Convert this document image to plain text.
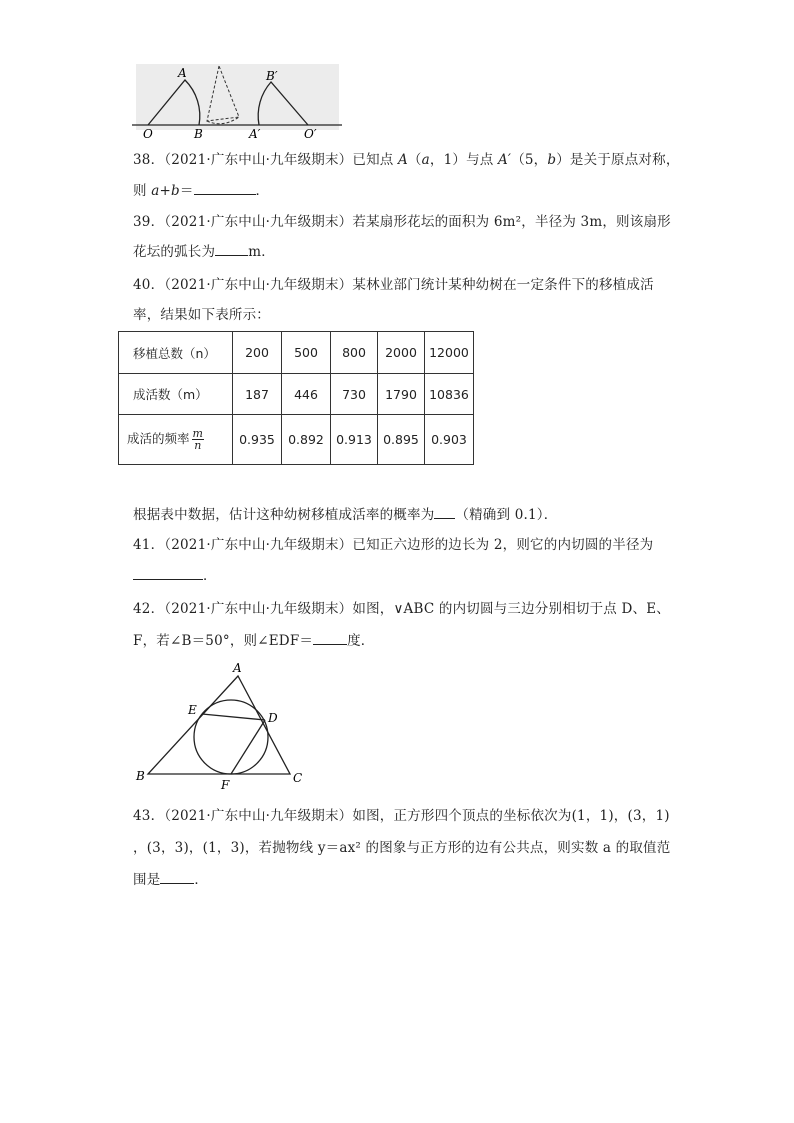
A
O	B
B′
A′	O′
38．（2021·广东中山·九年级期末）已知点 A（a，1）与点 A′（5，b）是关于原点对称，
则 a+b＝	．
39．（2021·广东中山·九年级期末）若某扇形花坛的面积为 6m²，半径为 3m，则该扇形
花坛的弧长为 m．
40．（2021·广东中山·九年级期末）某林业部门统计某种幼树在一定条件下的移植成活
率，结果如下表所示：
移植总数（n）	200	500	800	2000	12000
成活数（m）	187	446	730	1790	10836
成活的频率 $\frac{m}{n}$	0.935	0.892	0.913	0.895	0.903
根据表中数据，估计这种幼树移植成活率的概率为 （精确到 0.1）．
41．（2021·广东中山·九年级期末）已知正六边形的边长为 2，则它的内切圆的半径为
．
42．（2021·广东中山·九年级期末）如图，∨ABC 的内切圆与三边分别相切于点 D、E、
F，若∠B＝50°，则∠EDF＝	度．
A
E
D
B
F	C
43．（2021·广东中山·九年级期末）如图，正方形四个顶点的坐标依次为(1，1)，(3，1)
，(3，3)，(1，3)，若抛物线 y＝ax² 的图象与正方形的边有公共点，则实数 a 的取值范
围是	．
